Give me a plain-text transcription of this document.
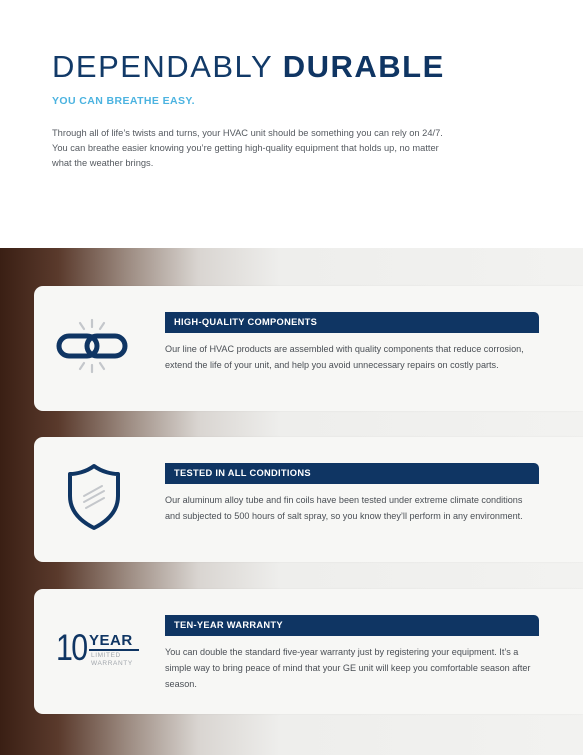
DEPENDABLY DURABLE
YOU CAN BREATHE EASY.

Through all of life’s twists and turns, your HVAC unit should be something you can rely on 24/7. You can breathe easier knowing you’re getting high-quality equipment that holds up, no matter what the weather brings.

HIGH-QUALITY COMPONENTS

Our line of HVAC products are assembled with quality components that reduce corrosion, extend the life of your unit, and help you avoid unnecessary repairs on costly parts.

TESTED IN ALL CONDITIONS

Our aluminum alloy tube and fin coils have been tested under extreme climate conditions and subjected to 500 hours of salt spray, so you know they’ll perform in any environment.

10 YEAR
LIMITED
WARRANTY
TEN-YEAR WARRANTY

You can double the standard five-year warranty just by registering your equipment. It’s a simple way to bring peace of mind that your GE unit will keep you comfortable season after season.
